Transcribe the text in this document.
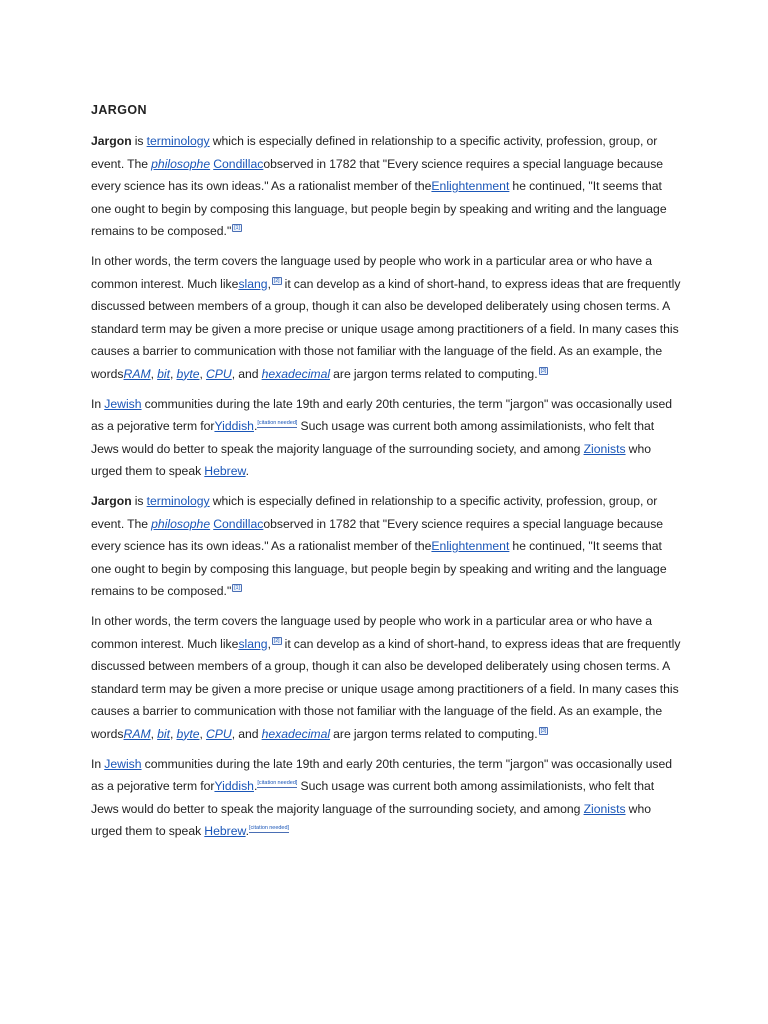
JARGON

Jargon is terminology which is especially defined in relationship to a specific activity, profession, group, or event. The philosophe Condillacobserved in 1782 that "Every science requires a special language because every science has its own ideas." As a rationalist member of theEnlightenment he continued, "It seems that one ought to begin by composing this language, but people begin by speaking and writing and the language remains to be composed." [1]

In other words, the term covers the language used by people who work in a particular area or who have a common interest. Much likeslang, [2] it can develop as a kind of short-hand, to express ideas that are frequently discussed between members of a group, though it can also be developed deliberately using chosen terms. A standard term may be given a more precise or unique usage among practitioners of a field. In many cases this causes a barrier to communication with those not familiar with the language of the field. As an example, the wordsRAM, bit, byte, CPU, and hexadecimal are jargon terms related to computing. [3]

In Jewish communities during the late 19th and early 20th centuries, the term "jargon" was occasionally used as a pejorative term forYiddish.[citation needed] Such usage was current both among assimilationists, who felt that Jews would do better to speak the majority language of the surrounding society, and among Zionists who urged them to speak Hebrew.

Jargon is terminology which is especially defined in relationship to a specific activity, profession, group, or event. The philosophe Condillacobserved in 1782 that "Every science requires a special language because every science has its own ideas." As a rationalist member of theEnlightenment he continued, "It seems that one ought to begin by composing this language, but people begin by speaking and writing and the language remains to be composed." [1]

In other words, the term covers the language used by people who work in a particular area or who have a common interest. Much likeslang, [2] it can develop as a kind of short-hand, to express ideas that are frequently discussed between members of a group, though it can also be developed deliberately using chosen terms. A standard term may be given a more precise or unique usage among practitioners of a field. In many cases this causes a barrier to communication with those not familiar with the language of the field. As an example, the wordsRAM, bit, byte, CPU, and hexadecimal are jargon terms related to computing. [3]

In Jewish communities during the late 19th and early 20th centuries, the term "jargon" was occasionally used as a pejorative term forYiddish.[citation needed] Such usage was current both among assimilationists, who felt that Jews would do better to speak the majority language of the surrounding society, and among Zionists who urged them to speak Hebrew.[citation needed]
